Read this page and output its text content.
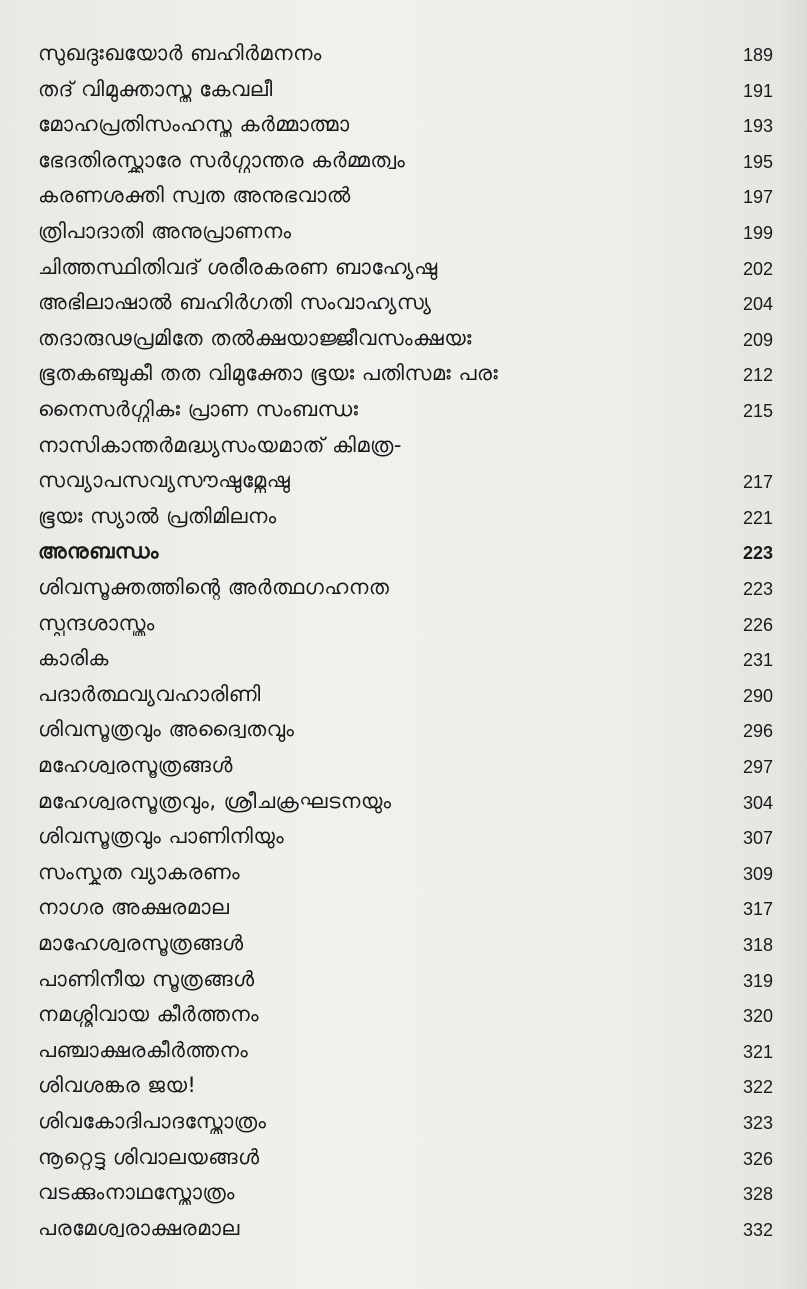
സുഖദുഃഖയോർ ബഹിർമനനം	189
തദ് വിമുക്താസ്തു കേവലീ	191
മോഹപ്രതിസംഹസ്തു കർമ്മാത്മാ	193
ഭേദതിരസ്ക്കാരേ സർഗ്ഗാന്തര കർമ്മത്വം	195
കരണശക്തി സ്വത അനുഭവാൽ	197
ത്രിപാദാതി അനുപ്രാണനം	199
ചിത്തസ്ഥിതിവദ് ശരീരകരണ ബാഹ്യേഷു	202
അഭിലാഷാൽ ബഹിർഗതി സംവാഹ്യസ്യ	204
തദാരുഢപ്രമിതേ തൽക്ഷയാജ്ജീവസംക്ഷയഃ	209
ഭൂതകഞ്ചുകീ തത വിമുക്തോ ഭൂയഃ പതിസമഃ പരഃ	212
നൈസർഗ്ഗികഃ പ്രാണ സംബന്ധഃ	215
നാസികാന്തർമദ്ധ്യസംയമാത് കിമത്ര-
സവ്യാപസവ്യസൗഷുമ്നേഷു	217
ഭൂയഃ സ്യാൽ പ്രതിമിലനം	221
അനുബന്ധം	223
ശിവസൂക്തത്തിന്റെ അർത്ഥഗഹനത	223
സ്പന്ദശാസ്ത്രം	226
കാരിക	231
പദാർത്ഥവ്യവഹാരിണി	290
ശിവസൂത്രവും അദ്വൈതവും	296
മഹേശ്വരസൂത്രങ്ങൾ	297
മഹേശ്വരസൂത്രവും, ശ്രീചക്രഘടനയും	304
ശിവസൂത്രവും പാണിനിയും	307
സംസ്കൃത വ്യാകരണം	309
നാഗര അക്ഷരമാല	317
മാഹേശ്വരസൂത്രങ്ങൾ	318
പാണിനീയ സൂത്രങ്ങൾ	319
നമശ്ശിവായ കീർത്തനം	320
പഞ്ചാക്ഷരകീർത്തനം	321
ശിവശങ്കര ജയ!	322
ശിവകോദിപാദസ്തോത്രം	323
നൂറ്റെട്ടു ശിവാലയങ്ങൾ	326
വടക്കുംനാഥസ്തോത്രം	328
പരമേശ്വരാക്ഷരമാല	332
